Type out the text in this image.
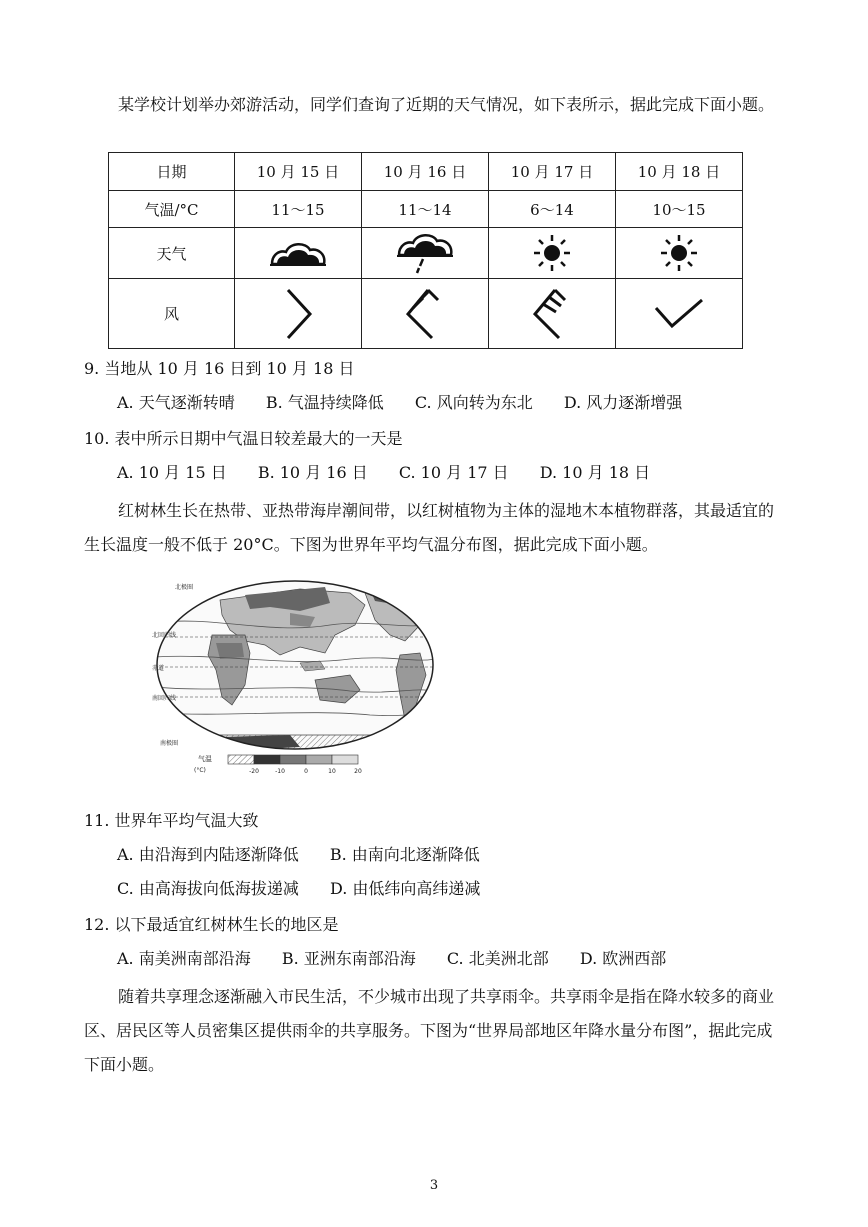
某学校计划举办郊游活动，同学们查询了近期的天气情况，如下表所示，据此完成下面小题。

日期	10 月 15 日	10 月 16 日	10 月 17 日	10 月 18 日
气温/°C	11～15	11～14	6～14	10～15
天气				
风				

9. 当地从 10 月 16 日到 10 月 18 日

A. 天气逐渐转晴 B. 气温持续降低 C. 风向转为东北 D. 风力逐渐增强

10. 表中所示日期中气温日较差最大的一天是

A. 10 月 15 日 B. 10 月 16 日 C. 10 月 17 日 D. 10 月 18 日

红树林生长在热带、亚热带海岸潮间带，以红树植物为主体的湿地木本植物群落，其最适宜的生长温度一般不低于 20°C。下图为世界年平均气温分布图，据此完成下面小题。

北回归线
赤道
南回归线
北极圈
南极圈
气温
(°C)	-20	-10	0	10	20

11. 世界年平均气温大致

A. 由沿海到内陆逐渐降低 B. 由南向北逐渐降低

C. 由高海拔向低海拔递减 D. 由低纬向高纬递减

12. 以下最适宜红树林生长的地区是

A. 南美洲南部沿海 B. 亚洲东南部沿海 C. 北美洲北部 D. 欧洲西部

随着共享理念逐渐融入市民生活，不少城市出现了共享雨伞。共享雨伞是指在降水较多的商业区、居民区等人员密集区提供雨伞的共享服务。下图为“世界局部地区年降水量分布图”，据此完成下面小题。

3
